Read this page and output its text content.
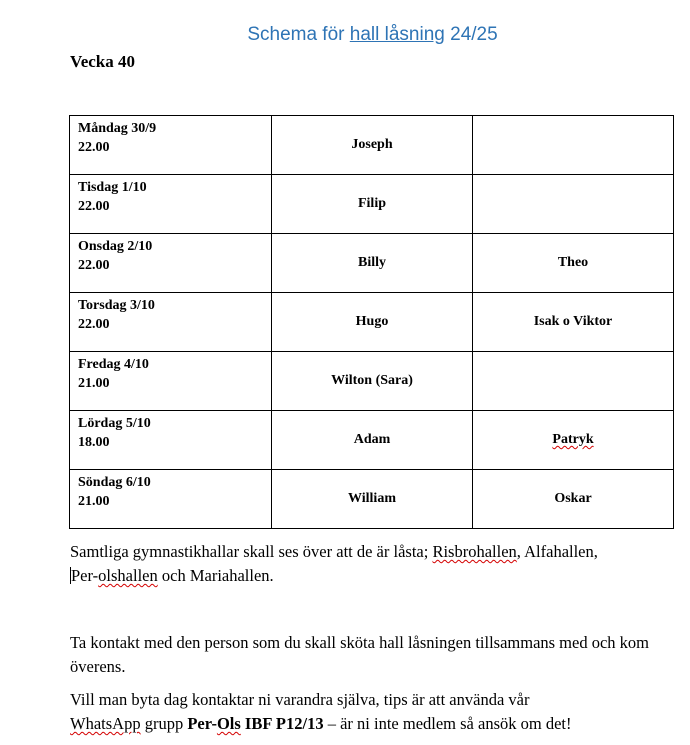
Schema för hall låsning 24/25
Vecka 40
Måndag 30/9
22.00	Joseph	
Tisdag 1/10
22.00	Filip	
Onsdag 2/10
22.00	Billy	Theo
Torsdag 3/10
22.00	Hugo	Isak o Viktor
Fredag 4/10
21.00	Wilton (Sara)	
Lördag 5/10
18.00	Adam	Patryk
Söndag 6/10
21.00	William	Oskar
Samtliga gymnastikhallar skall ses över att de är låsta; Risbrohallen, Alfahallen,
Per-olshallen och Mariahallen.
Ta kontakt med den person som du skall sköta hall låsningen tillsammans med och kom överens.
Vill man byta dag kontaktar ni varandra själva, tips är att använda vår
WhatsApp grupp Per-Ols IBF P12/13 – är ni inte medlem så ansök om det!
